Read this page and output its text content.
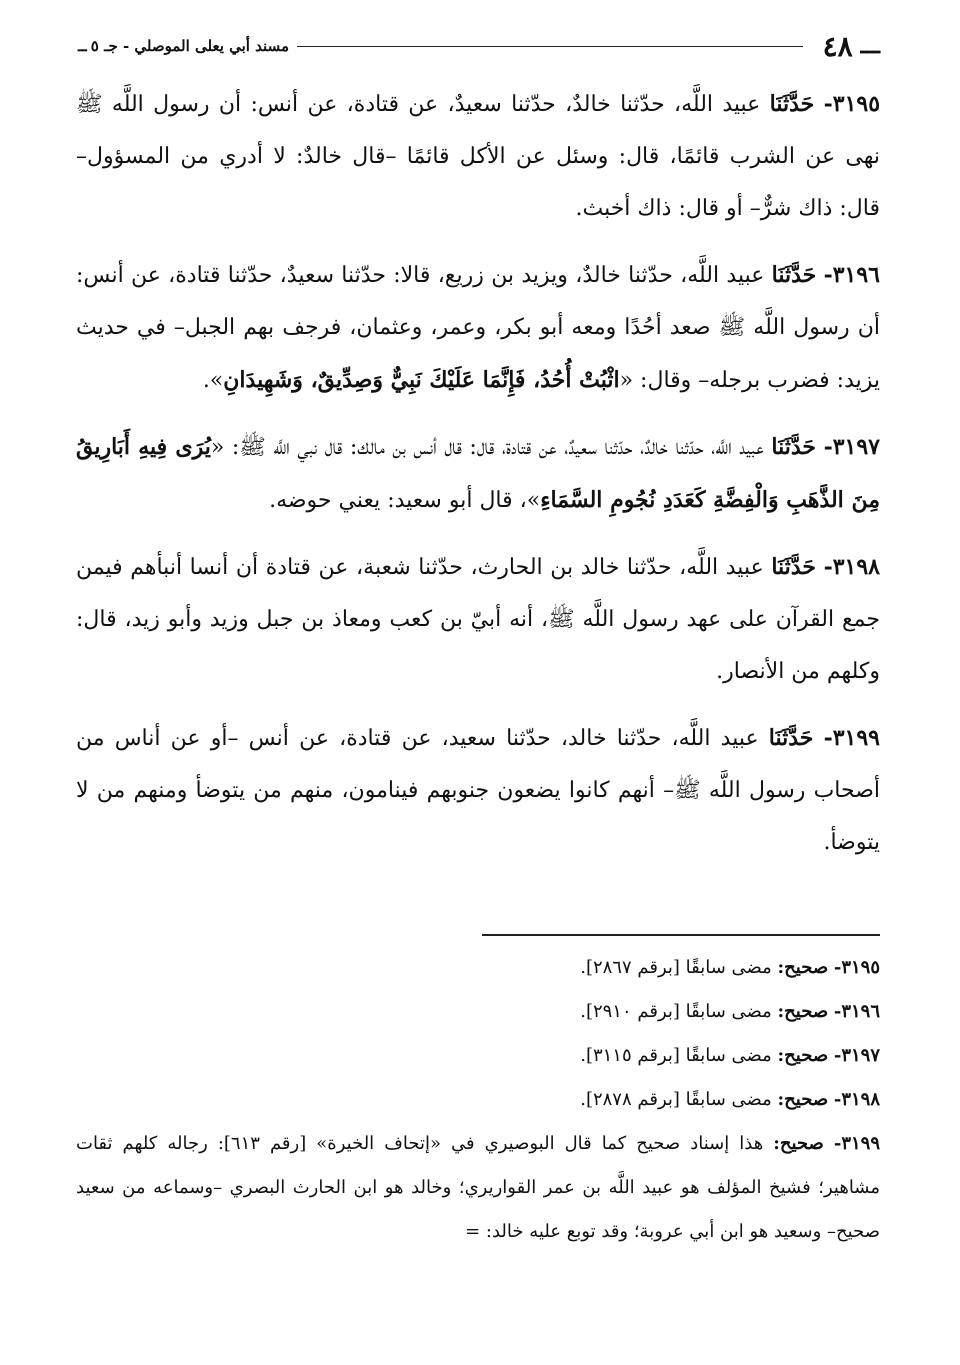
ـــ
٤٨
مسند أبي يعلى الموصلي - جـ ٥
ــ

٣١٩٥- حَدَّثَنَا عبيد اللَّه، حدّثنا خالدٌ، حدّثنا سعيدٌ، عن قتادة، عن أنس: أن رسول اللَّه ﷺ نهى عن الشرب قائمًا، قال: وسئل عن الأكل قائمًا –قال خالدٌ: لا أدري من المسؤول– قال: ذاك شرٌّ– أو قال: ذاك أخبث.

٣١٩٦- حَدَّثَنَا عبيد اللَّه، حدّثنا خالدٌ، ويزيد بن زريع، قالا: حدّثنا سعيدٌ، حدّثنا قتادة، عن أنس: أن رسول اللَّه ﷺ صعد أحُدًا ومعه أبو بكر، وعمر، وعثمان، فرجف بهم الجبل– في حديث يزيد: فضرب برجله– وقال: «اثْبُتْ أُحُدُ، فَإِنَّمَا عَلَيْكَ نَبِيٌّ وَصِدِّيقٌ، وَشَهِيدَانِ».

٣١٩٧- حَدَّثَنَا عبيد اللَّه، حدّثنا خالدٌ، حدّثنا سعيدٌ، عن قتادة، قال: قال أنس بن مالك: قال نبي اللَّه ﷺ: «يُرَى فِيهِ أَبَارِيقُ مِنَ الذَّهَبِ وَالْفِضَّةِ كَعَدَدِ نُجُومِ السَّمَاءِ»، قال أبو سعيد: يعني حوضه.

٣١٩٨- حَدَّثَنَا عبيد اللَّه، حدّثنا خالد بن الحارث، حدّثنا شعبة، عن قتادة أن أنسا أنبأهم فيمن جمع القرآن على عهد رسول اللَّه ﷺ، أنه أبيّ بن كعب ومعاذ بن جبل وزيد وأبو زيد، قال: وكلهم من الأنصار.

٣١٩٩- حَدَّثَنَا عبيد اللَّه، حدّثنا خالد، حدّثنا سعيد، عن قتادة، عن أنس –أو عن أناس من أصحاب رسول اللَّه ﷺ– أنهم كانوا يضعون جنوبهم فينامون، منهم من يتوضأ ومنهم من لا يتوضأ.

٣١٩٥- صحيح: مضى سابقًا [برقم ٢٨٦٧].

٣١٩٦- صحيح: مضى سابقًا [برقم ٢٩١٠].

٣١٩٧- صحيح: مضى سابقًا [برقم ٣١١٥].

٣١٩٨- صحيح: مضى سابقًا [برقم ٢٨٧٨].

٣١٩٩- صحيح: هذا إسناد صحيح كما قال البوصيري في «إتحاف الخيرة» [رقم ٦١٣]: رجاله كلهم ثقات مشاهير؛ فشيخ المؤلف هو عبيد اللَّه بن عمر القواريري؛ وخالد هو ابن الحارث البصري –وسماعه من سعيد صحيح– وسعيد هو ابن أبي عروبة؛ وقد توبع عليه خالد: =
